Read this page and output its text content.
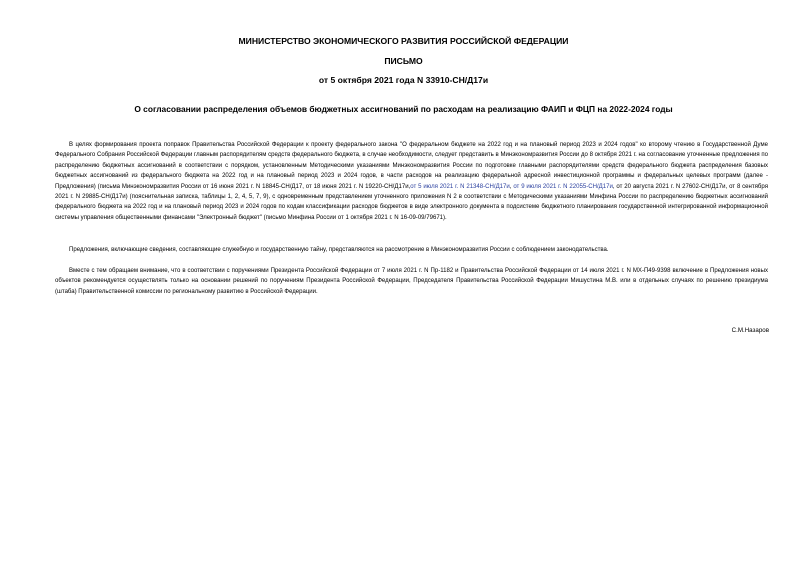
МИНИСТЕРСТВО ЭКОНОМИЧЕСКОГО РАЗВИТИЯ РОССИЙСКОЙ ФЕДЕРАЦИИ
ПИСЬМО
от 5 октября 2021 года N 33910-СН/Д17и
О согласовании распределения объемов бюджетных ассигнований по расходам на реализацию ФАИП и ФЦП на 2022-2024 годы

В целях формирования проекта поправок Правительства Российской Федерации к проекту федерального закона "О федеральном бюджете на 2022 год и на плановый период 2023 и 2024 годов" ко второму чтению в Государственной Думе Федерального Собрания Российской Федерации главным распорядителям средств федерального бюджета, в случае необходимости, следует представить в Минэкономразвития России до 8 октября 2021 г. на согласование уточненные предложения по распределению бюджетных ассигнований в соответствии с порядком, установленным Методическими указаниями Минэкономразвития России по подготовке главными распорядителями средств федерального бюджета распределения базовых бюджетных ассигнований из федерального бюджета на 2022 год и на плановый период 2023 и 2024 годов, в части расходов на реализацию федеральной адресной инвестиционной программы и федеральных целевых программ (далее - Предложения) (письма Минэкономразвития России от 16 июня 2021 г. N 18845-СН/Д17, от 18 июня 2021 г. N 19220-СН/Д17и,от 5 июля 2021 г. N 21348-СН/Д17и, от 9 июля 2021 г. N 22055-СН/Д17и, от 20 августа 2021 г. N 27602-СН/Д17и, от 8 сентября 2021 г. N 29885-СН/Д17и) (пояснительная записка, таблицы 1, 2, 4, 5, 7, 9), с одновременным представлением уточненного приложения N 2 в соответствии с Методическими указаниями Минфина России по распределению бюджетных ассигнований федерального бюджета на 2022 год и на плановый период 2023 и 2024 годов по кодам классификации расходов бюджетов в виде электронного документа в подсистеме бюджетного планирования государственной интегрированной информационной системы управления общественными финансами "Электронный бюджет" (письмо Минфина России от 1 октября 2021 г. N 16-09-09/79671).

Предложения, включающие сведения, составляющие служебную и государственную тайну, представляются на рассмотрение в Минэкономразвития России с соблюдением законодательства.

Вместе с тем обращаем внимание, что в соответствии с поручениями Президента Российской Федерации от 7 июля 2021 г. N Пр-1182 и Правительства Российской Федерации от 14 июля 2021 г. N МХ-П49-9398 включение в Предложения новых объектов рекомендуется осуществлять только на основании решений по поручениям Президента Российской Федерации, Председателя Правительства Российской Федерации Мишустина М.В. или в отдельных случаях по решению президиума (штаба) Правительственной комиссии по региональному развитию в Российской Федерации.

С.М.Назаров
